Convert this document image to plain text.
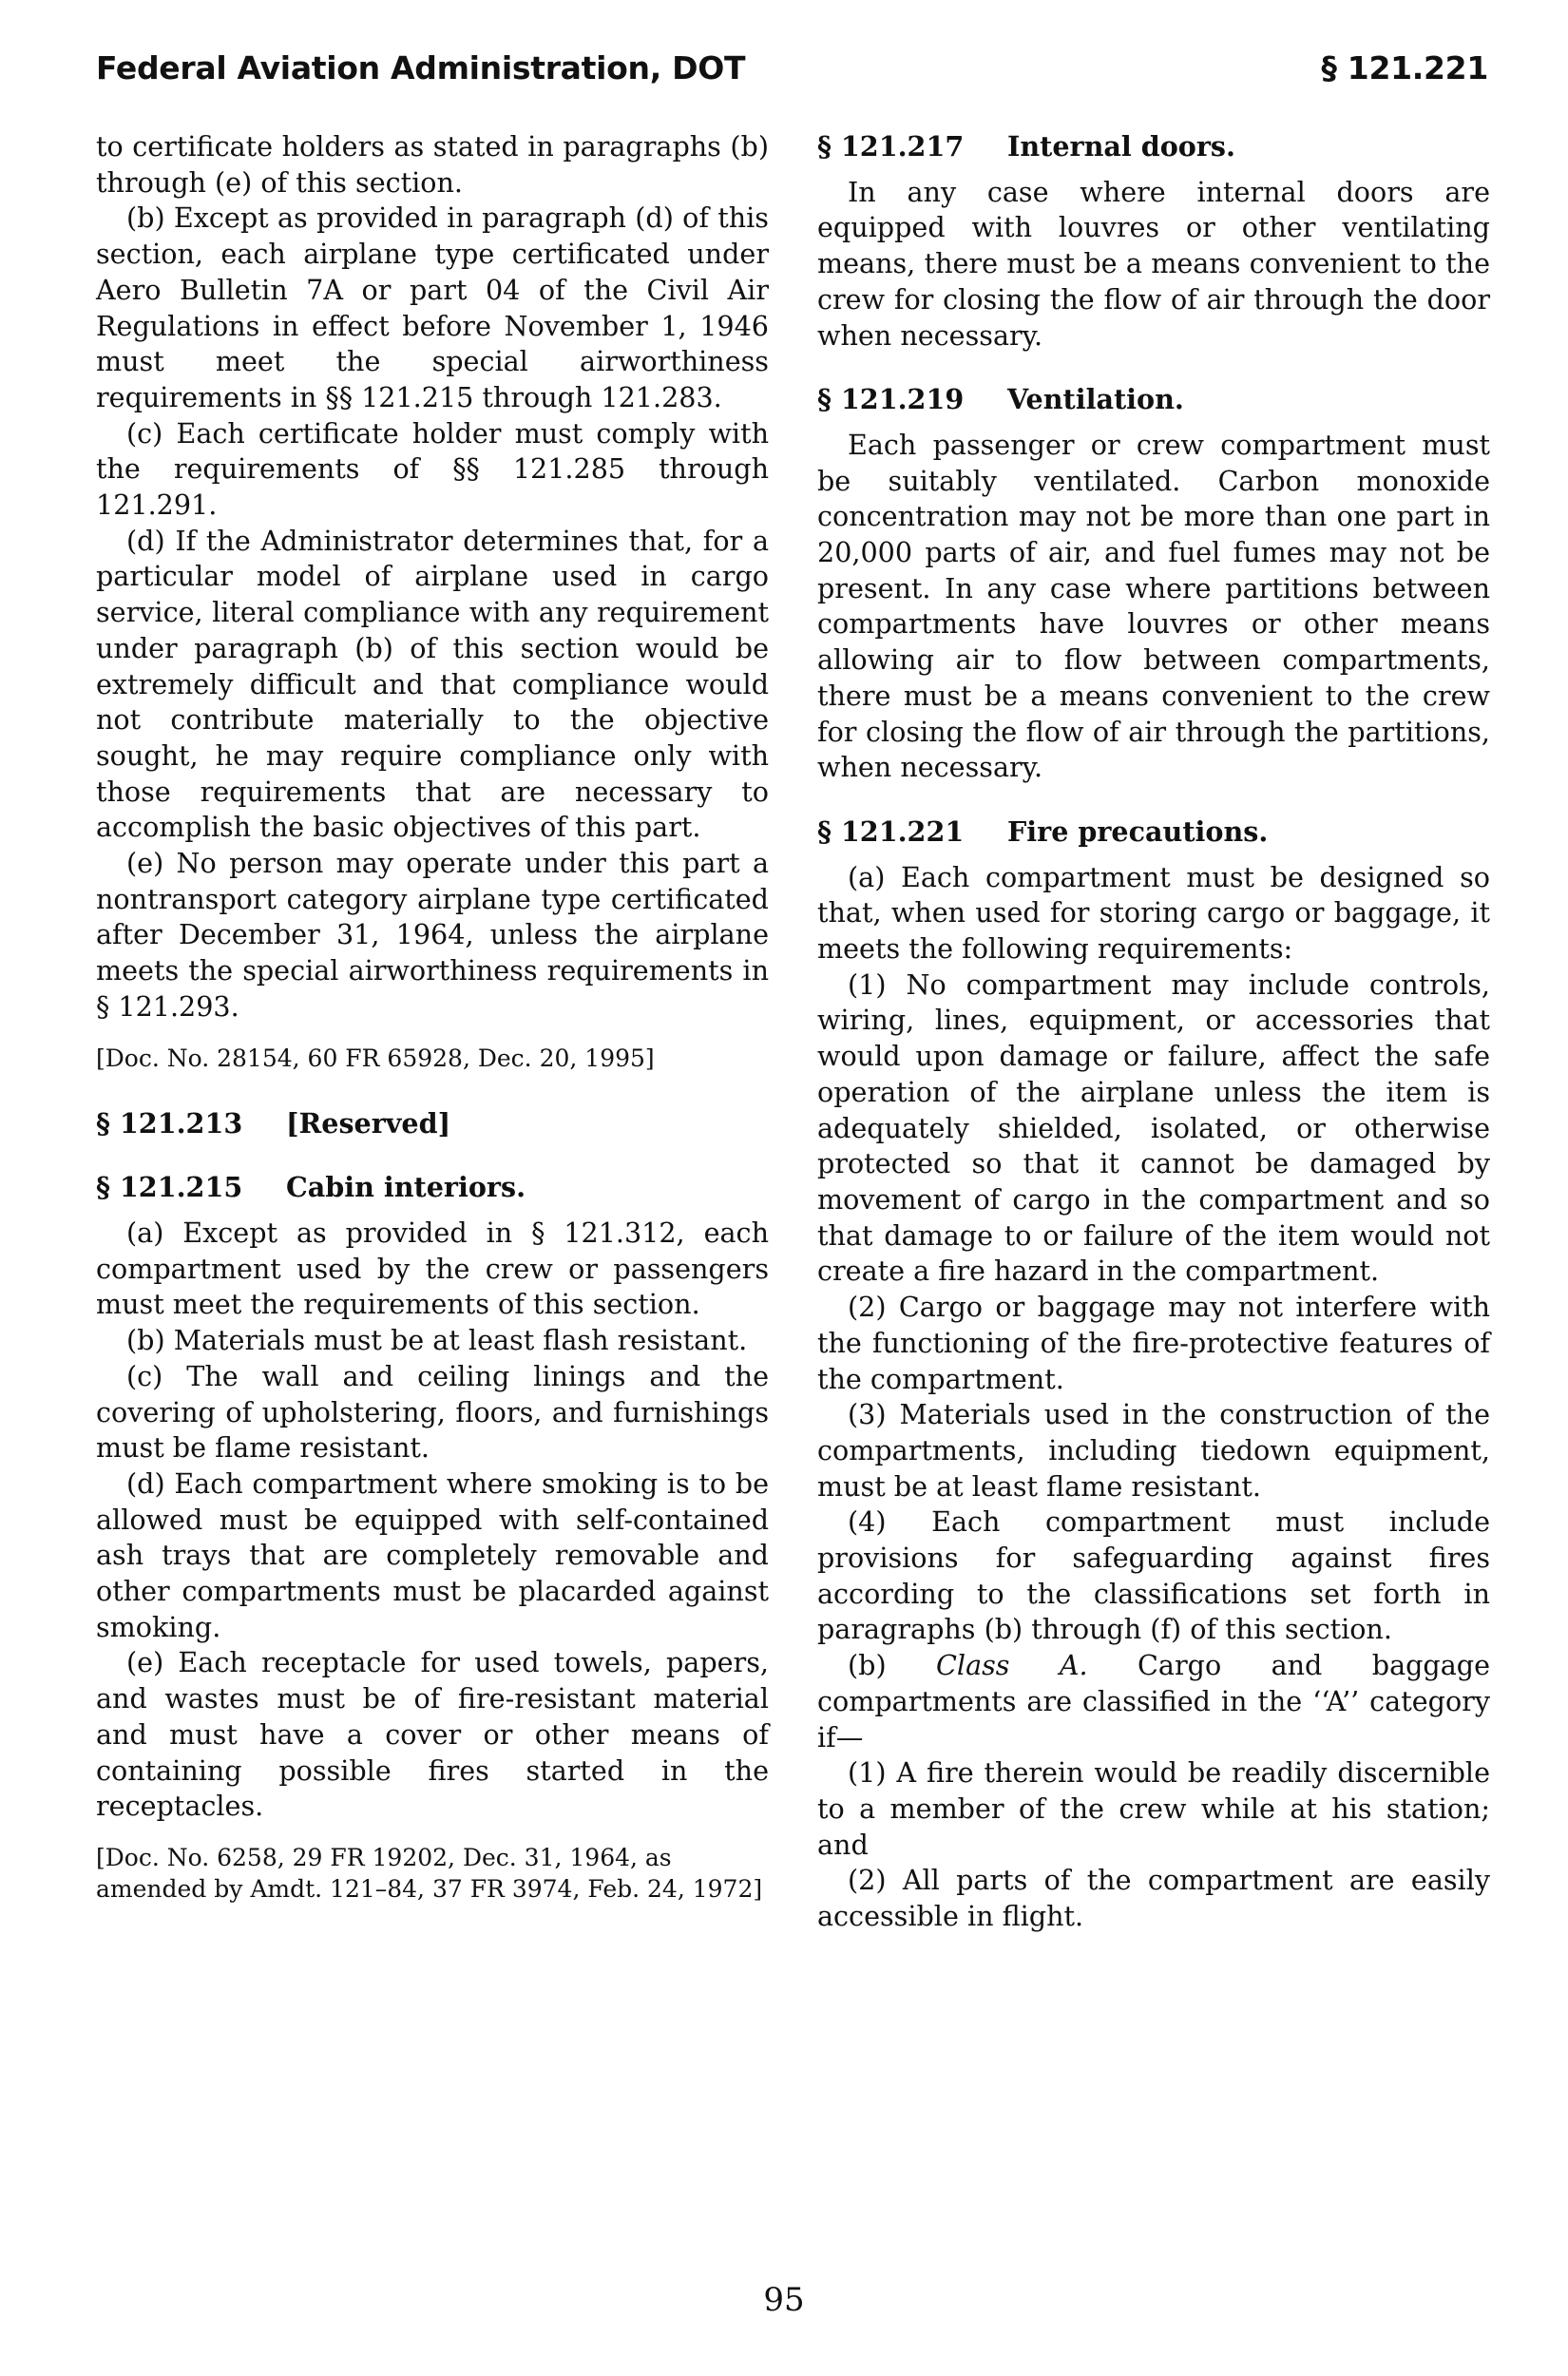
Federal Aviation Administration, DOT	§ 121.221

to certificate holders as stated in paragraphs (b) through (e) of this section.

(b) Except as provided in paragraph (d) of this section, each airplane type certificated under Aero Bulletin 7A or part 04 of the Civil Air Regulations in effect before November 1, 1946 must meet the special airworthiness requirements in §§ 121.215 through 121.283.

(c) Each certificate holder must comply with the requirements of §§ 121.285 through 121.291.

(d) If the Administrator determines that, for a particular model of airplane used in cargo service, literal compliance with any requirement under paragraph (b) of this section would be extremely difficult and that compliance would not contribute materially to the objective sought, he may require compliance only with those requirements that are necessary to accomplish the basic objectives of this part.

(e) No person may operate under this part a nontransport category airplane type certificated after December 31, 1964, unless the airplane meets the special airworthiness requirements in § 121.293.

[Doc. No. 28154, 60 FR 65928, Dec. 20, 1995]

§ 121.213 [Reserved]
§ 121.215 Cabin interiors.

(a) Except as provided in § 121.312, each compartment used by the crew or passengers must meet the requirements of this section.

(b) Materials must be at least flash resistant.

(c) The wall and ceiling linings and the covering of upholstering, floors, and furnishings must be flame resistant.

(d) Each compartment where smoking is to be allowed must be equipped with self-contained ash trays that are completely removable and other compartments must be placarded against smoking.

(e) Each receptacle for used towels, papers, and wastes must be of fire-resistant material and must have a cover or other means of containing possible fires started in the receptacles.

[Doc. No. 6258, 29 FR 19202, Dec. 31, 1964, as amended by Amdt. 121–84, 37 FR 3974, Feb. 24, 1972]

§ 121.217 Internal doors.

In any case where internal doors are equipped with louvres or other ventilating means, there must be a means convenient to the crew for closing the flow of air through the door when necessary.

§ 121.219 Ventilation.

Each passenger or crew compartment must be suitably ventilated. Carbon monoxide concentration may not be more than one part in 20,000 parts of air, and fuel fumes may not be present. In any case where partitions between compartments have louvres or other means allowing air to flow between compartments, there must be a means convenient to the crew for closing the flow of air through the partitions, when necessary.

§ 121.221 Fire precautions.

(a) Each compartment must be designed so that, when used for storing cargo or baggage, it meets the following requirements:

(1) No compartment may include controls, wiring, lines, equipment, or accessories that would upon damage or failure, affect the safe operation of the airplane unless the item is adequately shielded, isolated, or otherwise protected so that it cannot be damaged by movement of cargo in the compartment and so that damage to or failure of the item would not create a fire hazard in the compartment.

(2) Cargo or baggage may not interfere with the functioning of the fire-protective features of the compartment.

(3) Materials used in the construction of the compartments, including tiedown equipment, must be at least flame resistant.

(4) Each compartment must include provisions for safeguarding against fires according to the classifications set forth in paragraphs (b) through (f) of this section.

(b) Class A. Cargo and baggage compartments are classified in the ‘‘A’’ category if—

(1) A fire therein would be readily discernible to a member of the crew while at his station; and

(2) All parts of the compartment are easily accessible in flight.

95
